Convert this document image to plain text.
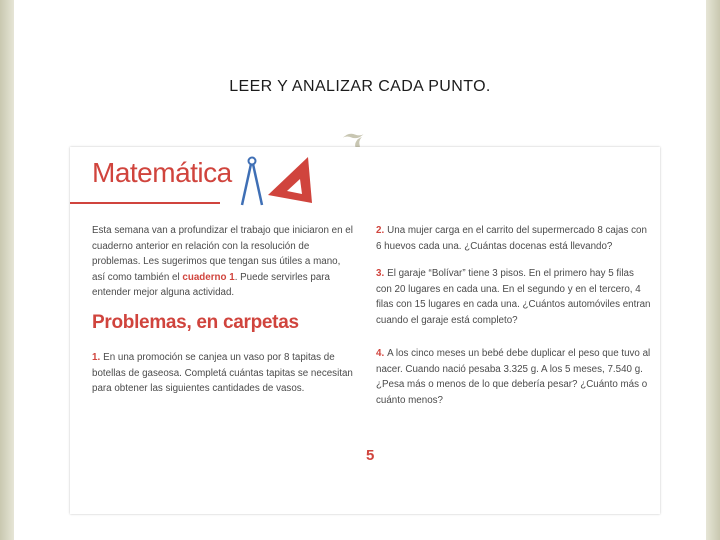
LEER Y ANALIZAR CADA PUNTO.
Matemática
Esta semana van a profundizar el trabajo que iniciaron en el cuaderno anterior en relación con la resolución de problemas. Les sugerimos que tengan sus útiles a mano, así como también el cuaderno 1. Puede servirles para entender mejor alguna actividad.
Problemas, en carpetas
1. En una promoción se canjea un vaso por 8 tapitas de botellas de gaseosa. Completá cuántas tapitas se necesitan para obtener las siguientes cantidades de vasos.

2. Una mujer carga en el carrito del supermercado 8 cajas con 6 huevos cada una. ¿Cuántas docenas está llevando?

3. El garaje “Bolívar” tiene 3 pisos. En el primero hay 5 filas con 20 lugares en cada una. En el segundo y en el tercero, 4 filas con 15 lugares en cada una. ¿Cuántos automóviles entran cuando el garaje está completo?

4. A los cinco meses un bebé debe duplicar el peso que tuvo al nacer. Cuando nació pesaba 3.325 g. A los 5 meses, 7.540 g. ¿Pesa más o menos de lo que debería pesar? ¿Cuánto más o cuánto menos?

5
